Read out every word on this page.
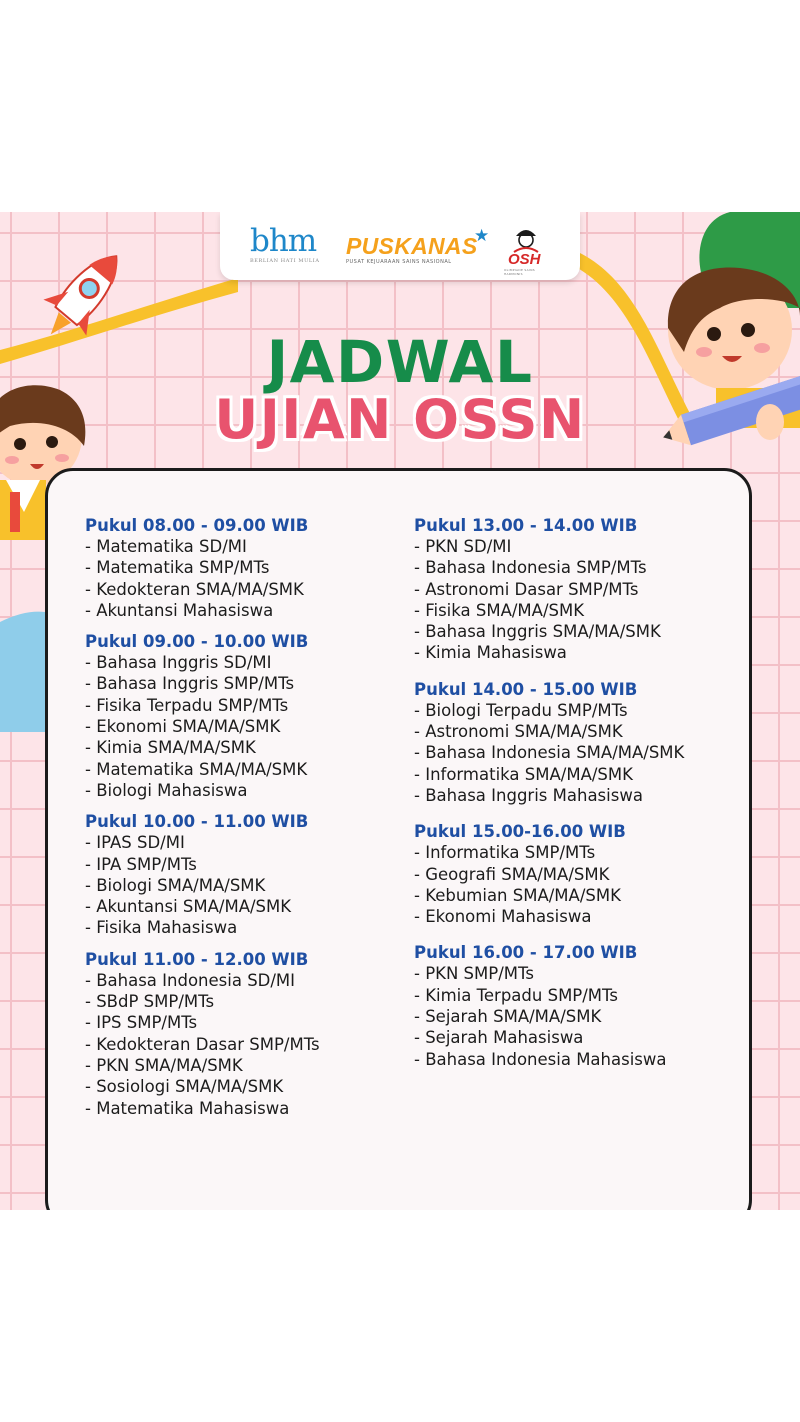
bhm
BERLIAN HATI MULIA
PUSKANAS
PUSAT KEJUARAAN SAINS NASIONAL
★
OSH
OLIMPIADE SAINS HARMONIS
JADWAL
UJIAN OSSN
Pukul 08.00 - 09.00 WIB
- Matematika SD/MI
- Matematika SMP/MTs
- Kedokteran SMA/MA/SMK
- Akuntansi Mahasiswa
Pukul 09.00 - 10.00 WIB
- Bahasa Inggris SD/MI
- Bahasa Inggris SMP/MTs
- Fisika Terpadu SMP/MTs
- Ekonomi SMA/MA/SMK
- Kimia SMA/MA/SMK
- Matematika SMA/MA/SMK
- Biologi Mahasiswa
Pukul 10.00 - 11.00 WIB
- IPAS SD/MI
- IPA SMP/MTs
- Biologi SMA/MA/SMK
- Akuntansi SMA/MA/SMK
- Fisika Mahasiswa
Pukul 11.00 - 12.00 WIB
- Bahasa Indonesia SD/MI
- SBdP SMP/MTs
- IPS SMP/MTs
- Kedokteran Dasar SMP/MTs
- PKN SMA/MA/SMK
- Sosiologi SMA/MA/SMK
- Matematika Mahasiswa
Pukul 13.00 - 14.00 WIB
- PKN SD/MI
- Bahasa Indonesia SMP/MTs
- Astronomi Dasar SMP/MTs
- Fisika SMA/MA/SMK
- Bahasa Inggris SMA/MA/SMK
- Kimia Mahasiswa
Pukul 14.00 - 15.00 WIB
- Biologi Terpadu SMP/MTs
- Astronomi SMA/MA/SMK
- Bahasa Indonesia SMA/MA/SMK
- Informatika SMA/MA/SMK
- Bahasa Inggris Mahasiswa
Pukul 15.00-16.00 WIB
- Informatika SMP/MTs
- Geografi SMA/MA/SMK
- Kebumian SMA/MA/SMK
- Ekonomi Mahasiswa
Pukul 16.00 - 17.00 WIB
- PKN SMP/MTs
- Kimia Terpadu SMP/MTs
- Sejarah SMA/MA/SMK
- Sejarah Mahasiswa
- Bahasa Indonesia Mahasiswa
